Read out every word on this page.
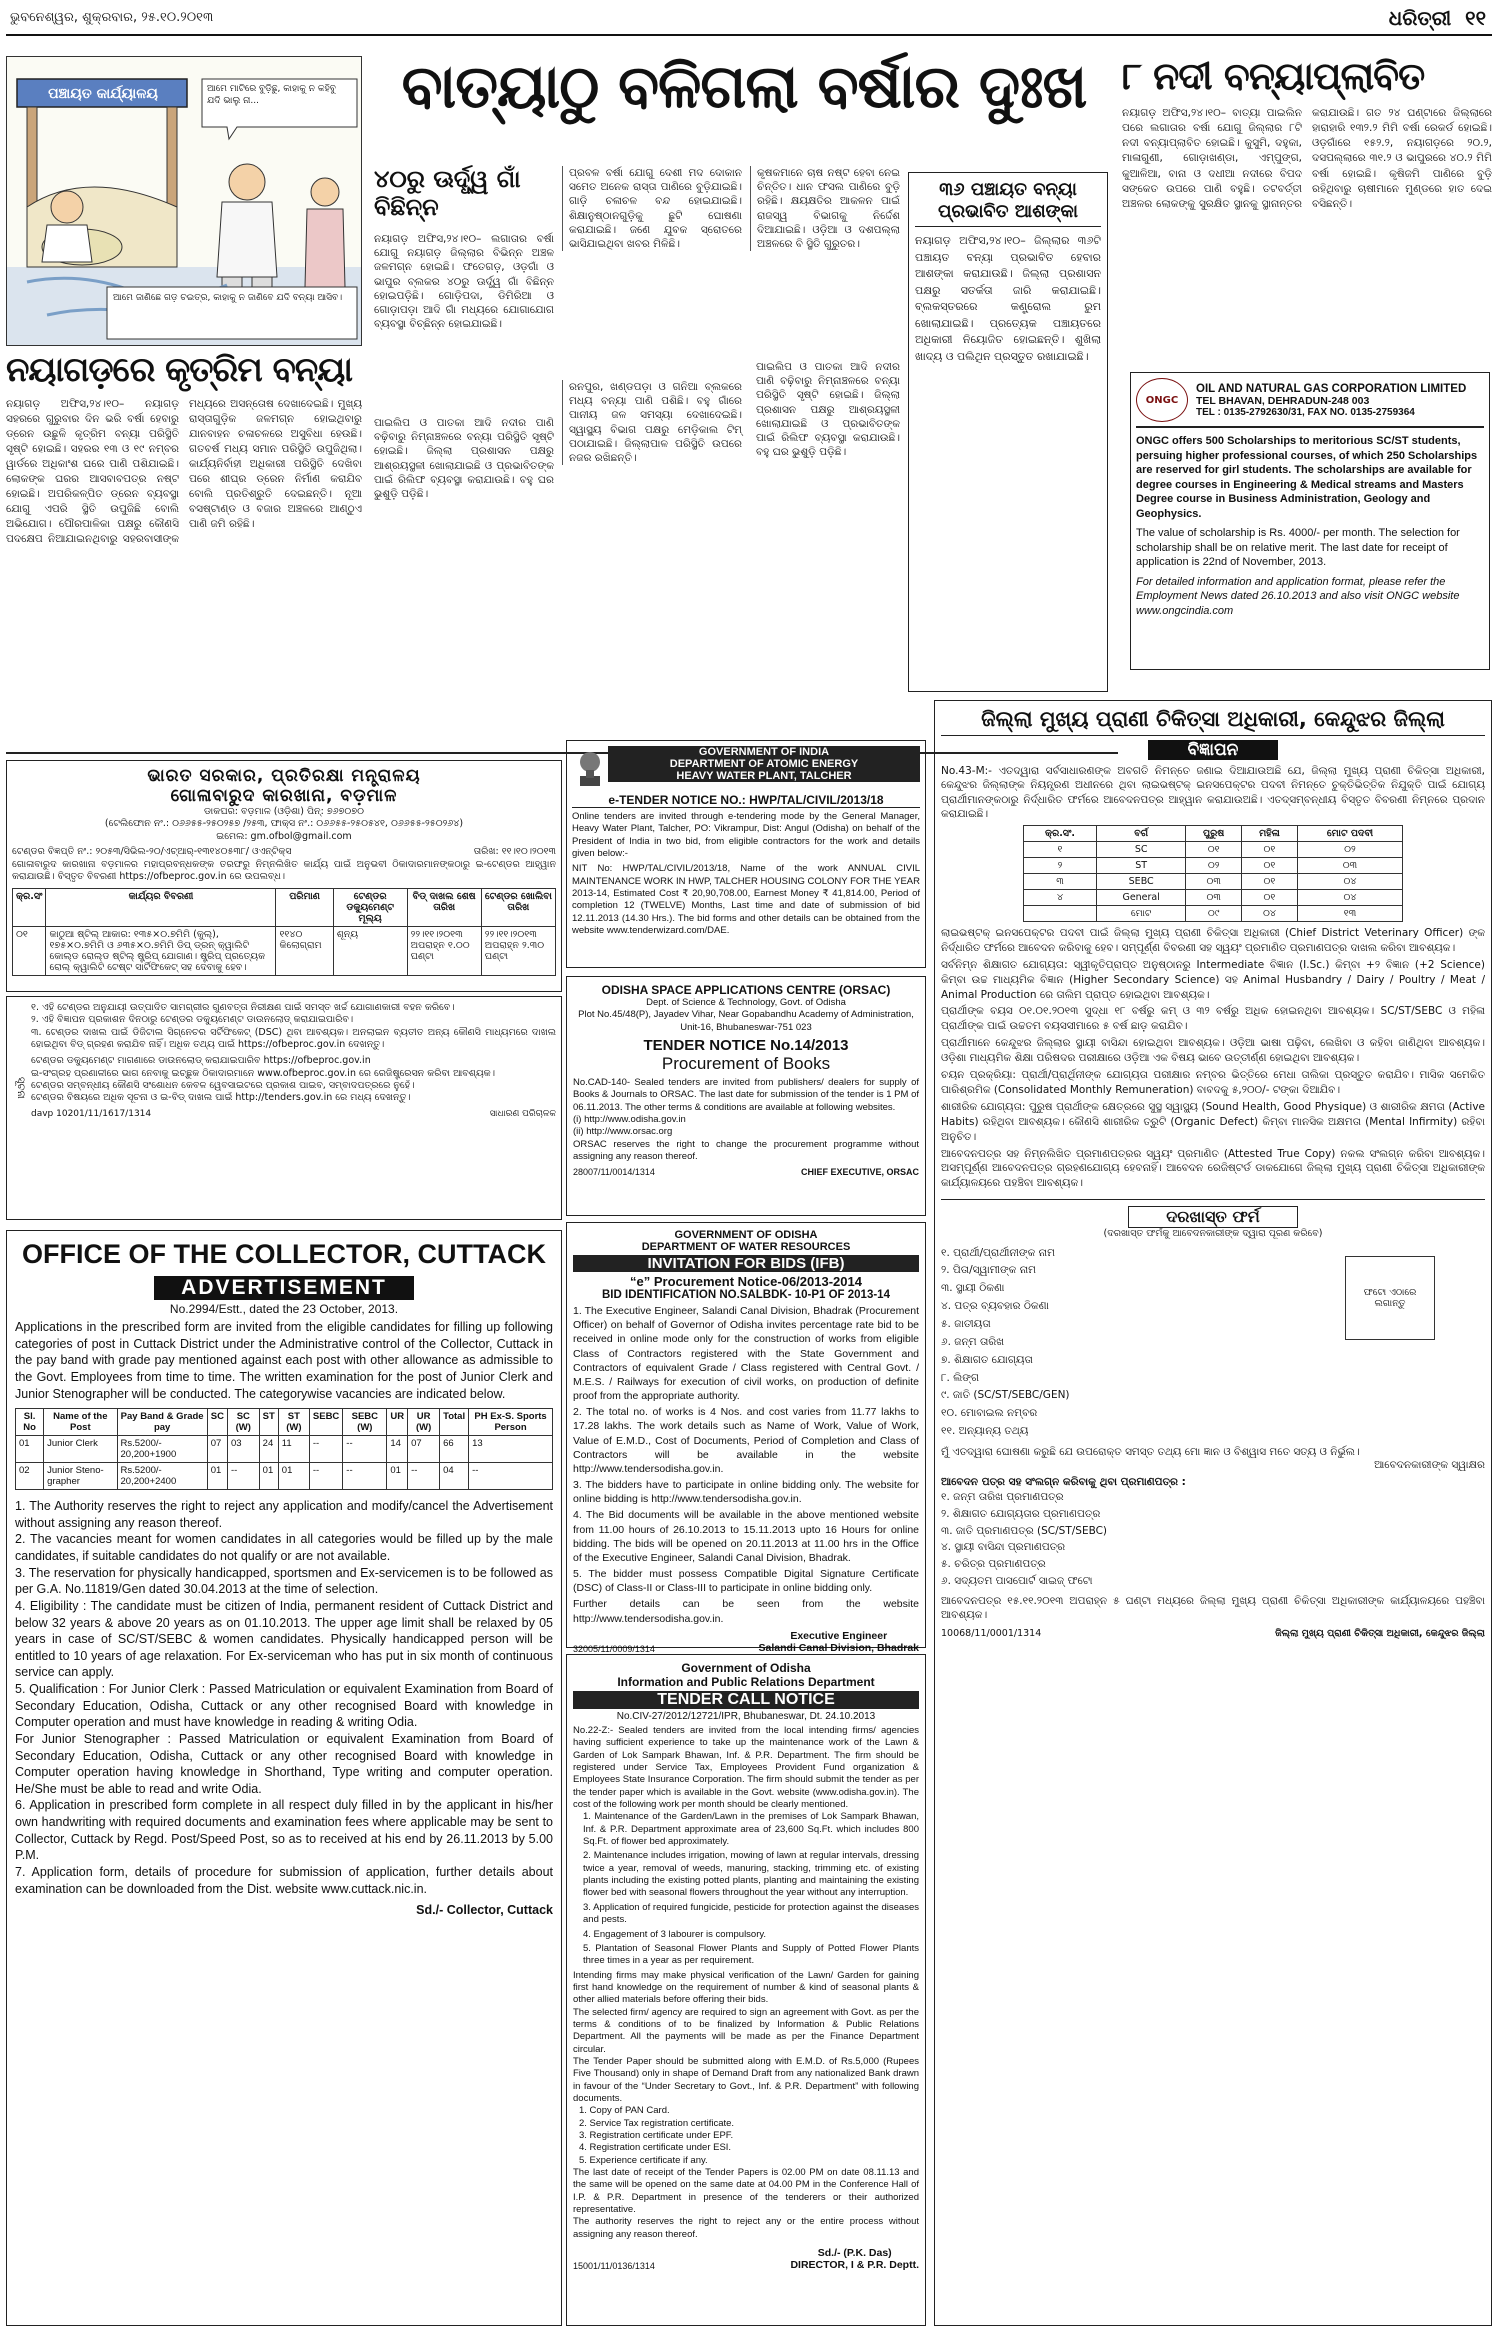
ଭୁବନେଶ୍ୱର, ଶୁକ୍ରବାର, ୨୫.୧୦.୨୦୧୩	ଧରିତ୍ରୀ ୧୧
ପଞ୍ଚାୟତ କାର୍ଯ୍ୟାଳୟ	ଆମେ ମାଟିରେ ବୁଡ଼ିଛୁ, କାହାକୁ ନ କହିବୁ ଯଦି ଭାଲୁ ନା...
ଆମେ ଜାଣିଛେ ଗଡ଼ ଚଇତ୍ର, କାହାକୁ ନ ଜାଣିବେ ଯଦି ବନ୍ୟା ଆସିବ।
ନୟାଗଡ଼ରେ କୃତ୍ରିମ ବନ୍ୟା
ନୟାଗଡ଼ ଅଫିସ,୨୪।୧୦– ନୟାଗଡ଼ ସହରରେ ଗୁରୁବାର ଦିନ ଭରି ବର୍ଷା ହେବାରୁ ଡ୍ରେନ ଉଛୁଳି କୃତ୍ରିମ ବନ୍ୟା ପରିସ୍ଥିତି ସୃଷ୍ଟି ହୋଇଛି। ସହରର ୧୩ ଓ ୧୯ ନମ୍ବର ୱାର୍ଡରେ ଅଧିକାଂଶ ଘରେ ପାଣି ପଶିଯାଇଛି। ଲୋକଙ୍କ ଘରର ଆସବାବପତ୍ର ନଷ୍ଟ ହୋଇଛି। ଅପରିକଳ୍ପିତ ଡ୍ରେନ ବ୍ୟବସ୍ଥା ଯୋଗୁ ଏପରି ସ୍ଥିତି ଉପୁଜିଛି ବୋଲି ଅଭିଯୋଗ। ପୌରପାଳିକା ପକ୍ଷରୁ କୌଣସି ପଦକ୍ଷେପ ନିଆଯାଇନଥିବାରୁ ସହରବାସୀଙ୍କ ମଧ୍ୟରେ ଅସନ୍ତୋଷ ଦେଖାଦେଇଛି। ମୁଖ୍ୟ ରାସ୍ତାଗୁଡ଼ିକ ଜଳମଗ୍ନ ହୋଇଥିବାରୁ ଯାନବାହନ ଚଳାଚଳରେ ଅସୁବିଧା ହେଉଛି। ଗତବର୍ଷ ମଧ୍ୟ ସମାନ ପରିସ୍ଥିତି ଉପୁଜିଥିଲା। କାର୍ଯ୍ୟନିର୍ବାହୀ ଅଧିକାରୀ ପରିସ୍ଥିତି ଦେଖିବା ପରେ ଶୀଘ୍ର ଡ୍ରେନ ନିର୍ମାଣ କରାଯିବ ବୋଲି ପ୍ରତିଶ୍ରୁତି ଦେଇଛନ୍ତି। ନୂଆ ବସଷ୍ଟାଣ୍ଡ ଓ ବଜାର ଅଞ୍ଚଳରେ ଆଣ୍ଠୁଏ ପାଣି ଜମି ରହିଛି।
ବାତ୍ୟାଠୁ ବଳିଗଲା ବର୍ଷାର ଦୁଃଖ
୪୦ରୁ ଊର୍ଦ୍ଧ୍ୱ ଗାଁ ବିଛିନ୍ନ
ନୟାଗଡ଼ ଅଫିସ,୨୪।୧୦– ଲଗାତାର ବର୍ଷା ଯୋଗୁ ନୟାଗଡ଼ ଜିଲ୍ଲାର ବିଭିନ୍ନ ଅଞ୍ଚଳ ଜଳମଗ୍ନ ହୋଇଛି। ଫତେଗଡ଼, ଓଡ଼ଗାଁ ଓ ଭାପୁର ବ୍ଲକର ୪୦ରୁ ଊର୍ଦ୍ଧ୍ୱ ଗାଁ ବିଛିନ୍ନ ହୋଇପଡ଼ିଛି। ଗୋଡ଼ିପଦା, ଡିମିରିଆ ଓ ଗୋଡ଼ାପଡ଼ା ଆଦି ଗାଁ ମଧ୍ୟରେ ଯୋଗାଯୋଗ ବ୍ୟବସ୍ଥା ବିଚ୍ଛିନ୍ନ ହୋଇଯାଇଛି।
ପାଇଲିପ ଓ ପାତକା ଆଦି ନଦୀର ପାଣି ବଢ଼ିବାରୁ ନିମ୍ନାଞ୍ଚଳରେ ବନ୍ୟା ପରିସ୍ଥିତି ସୃଷ୍ଟି ହୋଇଛି। ଜିଲ୍ଲା ପ୍ରଶାସନ ପକ୍ଷରୁ ଆଶ୍ରୟସ୍ଥଳୀ ଖୋଲାଯାଇଛି ଓ ପ୍ରଭାବିତଙ୍କ ପାଇଁ ରିଲିଫ ବ୍ୟବସ୍ଥା କରାଯାଉଛି। ବହୁ ଘର ଭୁଶୁଡ଼ି ପଡ଼ିଛି।
ପ୍ରବଳ ବର୍ଷା ଯୋଗୁ ଦେଶୀ ମଦ ଦୋକାନ ସମେତ ଅନେକ ରାସ୍ତା ପାଣିରେ ବୁଡ଼ିଯାଇଛି। ଗାଡ଼ି ଚଳାଚଳ ବନ୍ଦ ହୋଇଯାଇଛି। ଶିକ୍ଷାନୁଷ୍ଠାନଗୁଡ଼ିକୁ ଛୁଟି ଘୋଷଣା କରାଯାଇଛି। ଜଣେ ଯୁବକ ସ୍ରୋତରେ ଭାସିଯାଇଥିବା ଖବର ମିଳିଛି।
ରନପୁର, ଖଣ୍ଡପଡ଼ା ଓ ଗନିଆ ବ୍ଲକରେ ମଧ୍ୟ ବନ୍ୟା ପାଣି ପଶିଛି। ବହୁ ଗାଁରେ ପାନୀୟ ଜଳ ସମସ୍ୟା ଦେଖାଦେଇଛି। ସ୍ୱାସ୍ଥ୍ୟ ବିଭାଗ ପକ୍ଷରୁ ମେଡ଼ିକାଲ ଟିମ୍ ପଠାଯାଇଛି। ଜିଲ୍ଲାପାଳ ପରିସ୍ଥିତି ଉପରେ ନଜର ରଖିଛନ୍ତି।
କୃଷକମାନେ ଚାଷ ନଷ୍ଟ ହେବା ନେଇ ଚିନ୍ତିତ। ଧାନ ଫସଲ ପାଣିରେ ବୁଡ଼ି ରହିଛି। କ୍ଷୟକ୍ଷତିର ଆକଳନ ପାଇଁ ରାଜସ୍ୱ ବିଭାଗକୁ ନିର୍ଦ୍ଦେଶ ଦିଆଯାଇଛି। ଓଡ଼ିଆ ଓ ଦଶପଲ୍ଲା ଅଞ୍ଚଳରେ ବି ସ୍ଥିତି ଗୁରୁତର।
ପାଇଲିପ ଓ ପାତକା ଆଦି ନଦୀର ପାଣି ବଢ଼ିବାରୁ ନିମ୍ନାଞ୍ଚଳରେ ବନ୍ୟା ପରିସ୍ଥିତି ସୃଷ୍ଟି ହୋଇଛି। ଜିଲ୍ଲା ପ୍ରଶାସନ ପକ୍ଷରୁ ଆଶ୍ରୟସ୍ଥଳୀ ଖୋଲାଯାଇଛି ଓ ପ୍ରଭାବିତଙ୍କ ପାଇଁ ରିଲିଫ ବ୍ୟବସ୍ଥା କରାଯାଉଛି। ବହୁ ଘର ଭୁଶୁଡ଼ି ପଡ଼ିଛି।
୩୬ ପଞ୍ଚାୟତ ବନ୍ୟା ପ୍ରଭାବିତ ଆଶଙ୍କା
ନୟାଗଡ଼ ଅଫିସ,୨୪।୧୦– ଜିଲ୍ଲାର ୩୬ଟି ପଞ୍ଚାୟତ ବନ୍ୟା ପ୍ରଭାବିତ ହେବାର ଆଶଙ୍କା କରାଯାଉଛି। ଜିଲ୍ଲା ପ୍ରଶାସନ ପକ୍ଷରୁ ସତର୍କତା ଜାରି କରାଯାଇଛି। ବ୍ଲକସ୍ତରରେ କଣ୍ଟ୍ରୋଲ ରୁମ ଖୋଲାଯାଇଛି। ପ୍ରତ୍ୟେକ ପଞ୍ଚାୟତରେ ଅଧିକାରୀ ନିୟୋଜିତ ହୋଇଛନ୍ତି। ଶୁଖିଲା ଖାଦ୍ୟ ଓ ପଲିଥିନ ପ୍ରସ୍ତୁତ ରଖାଯାଇଛି।
୮ ନଦୀ ବନ୍ୟାପ୍ଲାବିତ
ନୟାଗଡ଼ ଅଫିସ,୨୪।୧୦– ବାତ୍ୟା ପାଇଲିନ ପରେ ଲଗାତାର ବର୍ଷା ଯୋଗୁ ଜିଲ୍ଲାର ୮ଟି ନଦୀ ବନ୍ୟାପ୍ଲାବିତ ହୋଇଛି। କୁସୁମି, ଦହୁକା, ମାଳାଗୁଣୀ, ଗୋଡ଼ାଖଣ୍ଡା, ଏମ୍ପୁଙ୍ଗ, କୁଆଳିଆ, ବାନା ଓ ଦଧୀଆ ନଦୀରେ ବିପଦ ସଙ୍କେତ ଉପରେ ପାଣି ବହୁଛି। ତଟବର୍ତ୍ତୀ ଅଞ୍ଚଳର ଲୋକଙ୍କୁ ସୁରକ୍ଷିତ ସ୍ଥାନକୁ ସ୍ଥାନାନ୍ତର କରାଯାଉଛି। ଗତ ୨୪ ଘଣ୍ଟାରେ ଜିଲ୍ଲାରେ ହାରାହାରି ୧୩୨.୨ ମିମି ବର୍ଷା ରେକର୍ଡ ହୋଇଛି। ଓଡ଼ଗାଁରେ ୧୫୨.୨, ନୟାଗଡ଼ରେ ୨୦.୨, ଦସପଲ୍ଲାରେ ୩୧.୨ ଓ ଭାପୁରରେ ୪୦.୨ ମିମି ବର୍ଷା ହୋଇଛି। କୃଷିଜମି ପାଣିରେ ବୁଡ଼ି ରହିଥିବାରୁ ଚାଷୀମାନେ ମୁଣ୍ଡରେ ହାତ ଦେଇ ବସିଛନ୍ତି।
ONGC
OIL AND NATURAL GAS CORPORATION LIMITED
TEL BHAVAN, DEHRADUN-248 003
TEL : 0135-2792630/31, FAX NO. 0135-2759364
ONGC offers 500 Scholarships to meritorious SC/ST students, persuing higher professional courses, of which 250 Scholarships are reserved for girl students. The scholarships are available for degree courses in Engineering & Medical streams and Masters Degree course in Business Administration, Geology and Geophysics.
The value of scholarship is Rs. 4000/- per month. The selection for scholarship shall be on relative merit. The last date for receipt of application is 22nd of November, 2013.
For detailed information and application format, please refer the Employment News dated 26.10.2013 and also visit ONGC website www.ongcindia.com
ଭାରତ ସରକାର, ପ୍ରତିରକ୍ଷା ମନ୍ତ୍ରାଳୟ
ଗୋଳାବାରୁଦ କାରଖାନା, ବଡ଼ମାଳ
ଡାକଘର: ବଡ଼ମାଳ (ଓଡ଼ିଶା) ପିନ୍: ୭୬୭୦୭୦
(ଟେଲିଫୋନ ନଂ.: ୦୬୬୫୫-୨୫୦୨୫୭ /୨୫୩, ଫାକ୍ସ ନଂ.: ୦୬୬୫୫-୨୫୦୫୪୧, ୦୬୬୫୫-୨୫୦୨୬୪)
ଇମେଲ: gm.ofbol@gmail.com
ଟେଣ୍ଡର ବିଜ୍ଞପ୍ତି ନଂ.: ୨୦୫୩/ସିଭିଲ-୨୦/ଏଚ୍ଆର୍-୧୩୧୪୦୫୩୮/ ଓଏନ୍ଟିକ୍ସ	ତାରିଖ: ୧୧।୧୦।୨୦୧୩
ଗୋଳାବାରୁଦ କାରଖାନା ବଡ଼ମାଳର ମହାପ୍ରବନ୍ଧକଙ୍କ ତରଫରୁ ନିମ୍ନଲିଖିତ କାର୍ଯ୍ୟ ପାଇଁ ଅନୁଭବୀ ଠିକାଦାରମାନଙ୍କଠାରୁ ଇ-ଟେଣ୍ଡର ଆହ୍ୱାନ କରାଯାଉଛି। ବିସ୍ତୃତ ବିବରଣୀ https://ofbeproc.gov.in ରେ ଉପଲବ୍ଧ।
କ୍ର.ସଂ	କାର୍ଯ୍ୟର ବିବରଣୀ	ପରିମାଣ	ଟେଣ୍ଡର ଡକ୍ୟୁମେଣ୍ଟ ମୂଲ୍ୟ	ବିଡ୍ ଦାଖଲ ଶେଷ ତାରିଖ	ଟେଣ୍ଡର ଖୋଲିବା ତାରିଖ
୦୧	କାଠୁଆ ଷ୍ଟିଲ୍ ଆକାର: ୧୩୫×୦.୭ମିମି (କୁଲ୍), ୧୭୫×୦.୭ମିମି ଓ ୬୩୫×୦.୭ମିମି ଡିପ୍ ଡ୍ରନ୍ କ୍ୱାଲିଟି କୋଲ୍ଡ ରୋଲ୍ଡ ଷ୍ଟିଲ୍ ଷ୍ଟ୍ରିପ୍ ଯୋଗାଣ। ଷ୍ଟ୍ରିପ୍ ପ୍ରତ୍ୟେକ ରୋଲ୍ କ୍ୱାଲିଟି ଟେଷ୍ଟ ସାର୍ଟିଫିକେଟ୍ ସହ ଦେବାକୁ ହେବ।	୧୧୪୦ କିଲୋଗ୍ରାମ	ଶୂନ୍ୟ	୨୨।୧୧।୨୦୧୩ ଅପରାହ୍ନ ୧.୦୦ ଘଣ୍ଟା	୨୨।୧୧।୨୦୧୩ ଅପରାହ୍ନ ୨.୩୦ ଘଣ୍ଟା
ସୂଚନା
୧. ଏହି ଟେଣ୍ଡର ଅନୁଯାୟୀ ଉତ୍ପାଦିତ ସାମଗ୍ରୀର ଗୁଣବତ୍ତା ନିରୀକ୍ଷଣ ପାଇଁ ସମସ୍ତ ଖର୍ଚ୍ଚ ଯୋଗାଣକାରୀ ବହନ କରିବେ।
୨. ଏହି ବିଜ୍ଞାପନ ପ୍ରକାଶନ ଦିନଠାରୁ ଟେଣ୍ଡର ଡକ୍ୟୁମେଣ୍ଟ ଡାଉନଲୋଡ୍ କରାଯାଇପାରିବ।
୩. ଟେଣ୍ଡର ଦାଖଲ ପାଇଁ ଡିଜିଟାଲ ସିଗ୍ନେଚର ସର୍ଟିଫିକେଟ୍ (DSC) ଥିବା ଆବଶ୍ୟକ। ଅନଲାଇନ ବ୍ୟତୀତ ଅନ୍ୟ କୌଣସି ମାଧ୍ୟମରେ ଦାଖଲ ହୋଇଥିବା ବିଡ୍ ଗ୍ରହଣ କରାଯିବ ନାହିଁ। ଅଧିକ ତଥ୍ୟ ପାଇଁ https://ofbeproc.gov.in ଦେଖନ୍ତୁ।
ଟେଣ୍ଡର ଡକ୍ୟୁମେଣ୍ଟ ମାଗଣାରେ ଡାଉନଲୋଡ୍ କରାଯାଇପାରିବ https://ofbeproc.gov.in
ଇ-ସଂଗ୍ରହ ପ୍ରଣାଳୀରେ ଭାଗ ନେବାକୁ ଇଚ୍ଛୁକ ଠିକାଦାରମାନେ www.ofbeproc.gov.in ରେ ରେଜିଷ୍ଟ୍ରେସନ କରିବା ଆବଶ୍ୟକ।
ଟେଣ୍ଡର ସମ୍ବନ୍ଧୀୟ କୌଣସି ସଂଶୋଧନ କେବଳ ୱେବସାଇଟରେ ପ୍ରକାଶ ପାଇବ, ସମ୍ବାଦପତ୍ରରେ ନୁହେଁ।
ଟେଣ୍ଡର ବିଷୟରେ ଅଧିକ ସୂଚନା ଓ ଇ-ବିଡ୍ ଦାଖଲ ପାଇଁ http://tenders.gov.in ରେ ମଧ୍ୟ ଦେଖନ୍ତୁ।
davp 10201/11/1617/1314	ସାଧାରଣ ପରିଚାଳକ
OFFICE OF THE COLLECTOR, CUTTACK
ADVERTISEMENT
No.2994/Estt., dated the 23 October, 2013.
Applications in the prescribed form are invited from the eligible candidates for filling up following categories of post in Cuttack District under the Administrative control of the Collector, Cuttack in the pay band with grade pay mentioned against each post with other allowance as admissible to the Govt. Employees from time to time. The written examination for the post of Junior Clerk and Junior Stenographer will be conducted. The categorywise vacancies are indicated below.
Sl. No	Name of the Post	Pay Band & Grade pay	SC	SC (W)	ST	ST (W)	SEBC	SEBC (W)	UR	UR (W)	Total	PH Ex-S. Sports Person
01	Junior Clerk	Rs.5200/- 20,200+1900	07	03	24	11	--	--	14	07	66	13
02	Junior Steno-grapher	Rs.5200/- 20,200+2400	01	--	01	01	--	--	01	--	04	--

1. The Authority reserves the right to reject any application and modify/cancel the Advertisement without assigning any reason thereof.

2. The vacancies meant for women candidates in all categories would be filled up by the male candidates, if suitable candidates do not qualify or are not available.

3. The reservation for physically handicapped, sportsmen and Ex-servicemen is to be followed as per G.A. No.11819/Gen dated 30.04.2013 at the time of selection.

4. Eligibility : The candidate must be citizen of India, permanent resident of Cuttack District and below 32 years & above 20 years as on 01.10.2013. The upper age limit shall be relaxed by 05 years in case of SC/ST/SEBC & women candidates. Physically handicapped person will be entitled to 10 years of age relaxation. For Ex-serviceman who has put in six month of continuous service can apply.

5. Qualification : For Junior Clerk : Passed Matriculation or equivalent Examination from Board of Secondary Education, Odisha, Cuttack or any other recognised Board with knowledge in Computer operation and must have knowledge in reading & writing Odia.

For Junior Stenographer : Passed Matriculation or equivalent Examination from Board of Secondary Education, Odisha, Cuttack or any other recognised Board with knowledge in Computer operation having knowledge in Shorthand, Type writing and computer operation. He/She must be able to read and write Odia.

6. Application in prescribed form complete in all respect duly filled in by the applicant in his/her own handwriting with required documents and examination fees where applicable may be sent to Collector, Cuttack by Regd. Post/Speed Post, so as to received at his end by 26.11.2013 by 5.00 P.M.

7. Application form, details of procedure for submission of application, further details about examination can be downloaded from the Dist. website www.cuttack.nic.in.

Sd./- Collector, Cuttack
GOVERNMENT OF INDIA
DEPARTMENT OF ATOMIC ENERGY
HEAVY WATER PLANT, TALCHER
e-TENDER NOTICE NO.: HWP/TAL/CIVIL/2013/18
Online tenders are invited through e-tendering mode by the General Manager, Heavy Water Plant, Talcher, PO: Vikrampur, Dist: Angul (Odisha) on behalf of the President of India in two bid, from eligible contractors for the work and details given below:-
NIT No: HWP/TAL/CIVIL/2013/18, Name of the work ANNUAL CIVIL MAINTENANCE WORK IN HWP, TALCHER HOUSING COLONY FOR THE YEAR 2013-14, Estimated Cost ₹ 20,90,708.00, Earnest Money ₹ 41,814.00, Period of completion 12 (TWELVE) Months, Last time and date of submission of bid 12.11.2013 (14.30 Hrs.). The bid forms and other details can be obtained from the website www.tenderwizard.com/DAE.
ODISHA SPACE APPLICATIONS CENTRE (ORSAC)
Dept. of Science & Technology, Govt. of Odisha
Plot No.45/48(P), Jayadev Vihar, Near Gopabandhu Academy of Administration, Unit-16, Bhubaneswar-751 023
TENDER NOTICE No.14/2013
Procurement of Books
No.CAD-140- Sealed tenders are invited from publishers/ dealers for supply of Books & Journals to ORSAC. The last date for submission of the tender is 1 PM of 06.11.2013. The other terms & conditions are available at following websites.
(i) http://www.odisha.gov.in
(ii) http://www.orsac.org
ORSAC reserves the right to change the procurement programme without assigning any reason thereof.
28007/11/0014/1314	CHIEF EXECUTIVE, ORSAC
GOVERNMENT OF ODISHA
DEPARTMENT OF WATER RESOURCES
INVITATION FOR BIDS (IFB)
“e” Procurement Notice-06/2013-2014
BID IDENTIFICATION NO.SALBDK- 10-P1 OF 2013-14

1. The Executive Engineer, Salandi Canal Division, Bhadrak (Procurement Officer) on behalf of Governor of Odisha invites percentage rate bid to be received in online mode only for the construction of works from eligible Class of Contractors registered with the State Government and Contractors of equivalent Grade / Class registered with Central Govt. / M.E.S. / Railways for execution of civil works, on production of definite proof from the appropriate authority.

2. The total no. of works is 4 Nos. and cost varies from 11.77 lakhs to 17.28 lakhs. The work details such as Name of Work, Value of Work, Value of E.M.D., Cost of Documents, Period of Completion and Class of Contractors will be available in the website http://www.tendersodisha.gov.in.

3. The bidders have to participate in online bidding only. The website for online bidding is http://www.tendersodisha.gov.in.

4. The Bid documents will be available in the above mentioned website from 11.00 hours of 26.10.2013 to 15.11.2013 upto 16 Hours for online bidding. The bids will be opened on 20.11.2013 at 11.00 hrs in the Office of the Executive Engineer, Salandi Canal Division, Bhadrak.

5. The bidder must possess Compatible Digital Signature Certificate (DSC) of Class-II or Class-III to participate in online bidding only.

Further details can be seen from the website http://www.tendersodisha.gov.in.

32005/11/0009/1314
Executive Engineer
Salandi Canal Division, Bhadrak
Government of Odisha
Information and Public Relations Department
TENDER CALL NOTICE
No.CIV-27/2012/12721/IPR, Bhubaneswar, Dt. 24.10.2013
No.22-Z:- Sealed tenders are invited from the local intending firms/ agencies having sufficient experience to take up the maintenance work of the Lawn & Garden of Lok Sampark Bhawan, Inf. & P.R. Department. The firm should be registered under Service Tax, Employees Provident Fund organization & Employees State Insurance Corporation. The firm should submit the tender as per the tender paper which is available in the Govt. website (www.odisha.gov.in). The cost of the following work per month should be clearly mentioned.

1. Maintenance of the Garden/Lawn in the premises of Lok Sampark Bhawan, Inf. & P.R. Department approximate area of 23,600 Sq.Ft. which includes 800 Sq.Ft. of flower bed approximately.

2. Maintenance includes irrigation, mowing of lawn at regular intervals, dressing twice a year, removal of weeds, manuring, stacking, trimming etc. of existing plants including the existing potted plants, planting and maintaining the existing flower bed with seasonal flowers throughout the year without any interruption.

3. Application of required fungicide, pesticide for protection against the diseases and pests.

4. Engagement of 3 labourer is compulsory.

5. Plantation of Seasonal Flower Plants and Supply of Potted Flower Plants three times in a year as per requirement.

Intending firms may make physical verification of the Lawn/ Garden for gaining first hand knowledge on the requirement of number & kind of seasonal plants & other allied materials before offering their bids.
The selected firm/ agency are required to sign an agreement with Govt. as per the terms & conditions of to be finalized by Information & Public Relations Department. All the payments will be made as per the Finance Department circular.
The Tender Paper should be submitted along with E.M.D. of Rs.5,000 (Rupees Five Thousand) only in shape of Demand Draft from any nationalized Bank drawn in favour of the “Under Secretary to Govt., Inf. & P.R. Department” with following documents.
1. Copy of PAN Card.
2. Service Tax registration certificate.
3. Registration certificate under EPF.
4. Registration certificate under ESI.
5. Experience certificate if any.
The last date of receipt of the Tender Papers is 02.00 PM on date 08.11.13 and the same will be opened on the same date at 04.00 PM in the Conference Hall of I.P. & P.R. Department in presence of the tenderers or their authorized representative.
The authority reserves the right to reject any or the entire process without assigning any reason thereof.
15001/11/0136/1314
Sd./- (P.K. Das)
DIRECTOR, I & P.R. Deptt.
ଜିଲ୍ଲା ମୁଖ୍ୟ ପ୍ରାଣୀ ଚିକିତ୍ସା ଅଧିକାରୀ, କେନ୍ଦୁଝର ଜିଲ୍ଲା
ବିଜ୍ଞାପନ
No.43-M:- ଏତଦ୍ୱାରା ସର୍ବସାଧାରଣଙ୍କ ଅବଗତି ନିମନ୍ତେ ଜଣାଇ ଦିଆଯାଉଅଛି ଯେ, ଜିଲ୍ଲା ମୁଖ୍ୟ ପ୍ରାଣୀ ଚିକିତ୍ସା ଅଧିକାରୀ, କେନ୍ଦୁଝର ଜିଲ୍ଲାଙ୍କ ନିୟନ୍ତ୍ରଣ ଅଧୀନରେ ଥିବା ଲାଇଭଷ୍ଟକ୍ ଇନସପେକ୍ଟର ପଦବୀ ନିମନ୍ତେ ଚୁକ୍ତିଭିତ୍ତିକ ନିଯୁକ୍ତି ପାଇଁ ଯୋଗ୍ୟ ପ୍ରାର୍ଥୀମାନଙ୍କଠାରୁ ନିର୍ଦ୍ଧାରିତ ଫର୍ମରେ ଆବେଦନପତ୍ର ଆହ୍ୱାନ କରାଯାଉଅଛି। ଏତଦ୍ସମ୍ବନ୍ଧୀୟ ବିସ୍ତୃତ ବିବରଣୀ ନିମ୍ନରେ ପ୍ରଦାନ କରାଯାଇଛି।
କ୍ର.ସଂ.	ବର୍ଗ	ପୁରୁଷ	ମହିଳା	ମୋଟ ପଦବୀ
୧	SC	୦୧	୦୧	୦୨
୨	ST	୦୨	୦୧	୦୩
୩	SEBC	୦୩	୦୧	୦୪
୪	General	୦୩	୦୧	୦୪
	ମୋଟ	୦୯	୦୪	୧୩

ଲାଇଭଷ୍ଟକ୍ ଇନସପେକ୍ଟର ପଦବୀ ପାଇଁ ଜିଲ୍ଲା ମୁଖ୍ୟ ପ୍ରାଣୀ ଚିକିତ୍ସା ଅଧିକାରୀ (Chief District Veterinary Officer) ଙ୍କ ନିର୍ଦ୍ଧାରିତ ଫର୍ମରେ ଆବେଦନ କରିବାକୁ ହେବ। ସମ୍ପୂର୍ଣ୍ଣ ବିବରଣୀ ସହ ସ୍ୱୟଂ ପ୍ରମାଣିତ ପ୍ରମାଣପତ୍ର ଦାଖଲ କରିବା ଆବଶ୍ୟକ।

ସର୍ବନିମ୍ନ ଶିକ୍ଷାଗତ ଯୋଗ୍ୟତା: ସ୍ୱୀକୃତିପ୍ରାପ୍ତ ଅନୁଷ୍ଠାନରୁ Intermediate ବିଜ୍ଞାନ (I.Sc.) କିମ୍ବା +୨ ବିଜ୍ଞାନ (+2 Science) କିମ୍ବା ଉଚ୍ଚ ମାଧ୍ୟମିକ ବିଜ୍ଞାନ (Higher Secondary Science) ସହ Animal Husbandry / Dairy / Poultry / Meat / Animal Production ରେ ତାଲିମ ପ୍ରାପ୍ତ ହୋଇଥିବା ଆବଶ୍ୟକ।

ପ୍ରାର୍ଥୀଙ୍କ ବୟସ ୦୧.୦୧.୨୦୧୩ ସୁଦ୍ଧା ୧୮ ବର୍ଷରୁ କମ୍ ଓ ୩୨ ବର୍ଷରୁ ଅଧିକ ହୋଇନଥିବା ଆବଶ୍ୟକ। SC/ST/SEBC ଓ ମହିଳା ପ୍ରାର୍ଥୀଙ୍କ ପାଇଁ ଉଚ୍ଚତମ ବୟସସୀମାରେ ୫ ବର୍ଷ ଛାଡ଼ କରାଯିବ।

ପ୍ରାର୍ଥୀମାନେ କେନ୍ଦୁଝର ଜିଲ୍ଲାର ସ୍ଥାୟୀ ବାସିନ୍ଦା ହୋଇଥିବା ଆବଶ୍ୟକ। ଓଡ଼ିଆ ଭାଷା ପଢ଼ିବା, ଲେଖିବା ଓ କହିବା ଜାଣିଥିବା ଆବଶ୍ୟକ। ଓଡ଼ିଶା ମାଧ୍ୟମିକ ଶିକ୍ଷା ପରିଷଦର ପରୀକ୍ଷାରେ ଓଡ଼ିଆ ଏକ ବିଷୟ ଭାବେ ଉତ୍ତୀର୍ଣ୍ଣ ହୋଇଥିବା ଆବଶ୍ୟକ।

ଚୟନ ପ୍ରକ୍ରିୟା: ପ୍ରାର୍ଥୀ/ପ୍ରାର୍ଥିନୀଙ୍କ ଯୋଗ୍ୟତା ପରୀକ୍ଷାର ନମ୍ବର ଭିତ୍ତିରେ ମେଧା ତାଲିକା ପ୍ରସ୍ତୁତ କରାଯିବ। ମାସିକ ସମେକିତ ପାରିଶ୍ରମିକ (Consolidated Monthly Remuneration) ବାବଦକୁ ୫,୨୦୦/- ଟଙ୍କା ଦିଆଯିବ।

ଶାରୀରିକ ଯୋଗ୍ୟତା: ପୁରୁଷ ପ୍ରାର୍ଥୀଙ୍କ କ୍ଷେତ୍ରରେ ସୁସ୍ଥ ସ୍ୱାସ୍ଥ୍ୟ (Sound Health, Good Physique) ଓ ଶାରୀରିକ କ୍ଷମତା (Active Habits) ରହିଥିବା ଆବଶ୍ୟକ। କୌଣସି ଶାରୀରିକ ତ୍ରୁଟି (Organic Defect) କିମ୍ବା ମାନସିକ ଅକ୍ଷମତା (Mental Infirmity) ରହିବା ଅନୁଚିତ।

ଆବେଦନପତ୍ର ସହ ନିମ୍ନଲିଖିତ ପ୍ରମାଣପତ୍ରର ସ୍ୱୟଂ ପ୍ରମାଣିତ (Attested True Copy) ନକଲ ସଂଲଗ୍ନ କରିବା ଆବଶ୍ୟକ। ଅସମ୍ପୂର୍ଣ୍ଣ ଆବେଦନପତ୍ର ଗ୍ରହଣଯୋଗ୍ୟ ହେବନାହିଁ। ଆବେଦନ ରେଜିଷ୍ଟର୍ଡ ଡାକଯୋଗେ ଜିଲ୍ଲା ମୁଖ୍ୟ ପ୍ରାଣୀ ଚିକିତ୍ସା ଅଧିକାରୀଙ୍କ କାର୍ଯ୍ୟାଳୟରେ ପହଞ୍ଚିବା ଆବଶ୍ୟକ।

ଦରଖାସ୍ତ ଫର୍ମ
(ଦରଖାସ୍ତ ଫର୍ମକୁ ଆବେଦନକାରୀଙ୍କ ଦ୍ୱାରା ପୂରଣ କରିବେ)
ଫଟୋ ଏଠାରେ ଲଗାନ୍ତୁ
୧. ପ୍ରାର୍ଥୀ/ପ୍ରାର୍ଥୀନୀଙ୍କ ନାମ
୨. ପିତା/ସ୍ୱାମୀଙ୍କ ନାମ
୩. ସ୍ଥାୟୀ ଠିକଣା
୪. ପତ୍ର ବ୍ୟବହାର ଠିକଣା
୫. ଜାତୀୟତା
୬. ଜନ୍ମ ତାରିଖ
୭. ଶିକ୍ଷାଗତ ଯୋଗ୍ୟତା
୮. ଲିଙ୍ଗ
୯. ଜାତି (SC/ST/SEBC/GEN)
୧୦. ମୋବାଇଲ ନମ୍ବର
୧୧. ଅନ୍ୟାନ୍ୟ ତଥ୍ୟ
ମୁଁ ଏତଦ୍ୱାରା ଘୋଷଣା କରୁଛି ଯେ ଉପରୋକ୍ତ ସମସ୍ତ ତଥ୍ୟ ମୋ ଜ୍ଞାନ ଓ ବିଶ୍ୱାସ ମତେ ସତ୍ୟ ଓ ନିର୍ଭୁଲ।
ଆବେଦନକାରୀଙ୍କ ସ୍ୱାକ୍ଷର
ଆବେଦନ ପତ୍ର ସହ ସଂଲଗ୍ନ କରିବାକୁ ଥିବା ପ୍ରମାଣପତ୍ର :
୧. ଜନ୍ମ ତାରିଖ ପ୍ରମାଣପତ୍ର
୨. ଶିକ୍ଷାଗତ ଯୋଗ୍ୟତାର ପ୍ରମାଣପତ୍ର
୩. ଜାତି ପ୍ରମାଣପତ୍ର (SC/ST/SEBC)
୪. ସ୍ଥାୟୀ ବାସିନ୍ଦା ପ୍ରମାଣପତ୍ର
୫. ଚରିତ୍ର ପ୍ରମାଣପତ୍ର
୬. ସଦ୍ୟତମ ପାସପୋର୍ଟ ସାଇଜ୍ ଫଟୋ
ଆବେଦନପତ୍ର ୧୫.୧୧.୨୦୧୩ ଅପରାହ୍ନ ୫ ଘଣ୍ଟା ମଧ୍ୟରେ ଜିଲ୍ଲା ମୁଖ୍ୟ ପ୍ରାଣୀ ଚିକିତ୍ସା ଅଧିକାରୀଙ୍କ କାର୍ଯ୍ୟାଳୟରେ ପହଞ୍ଚିବା ଆବଶ୍ୟକ।
10068/11/0001/1314	ଜିଲ୍ଲା ମୁଖ୍ୟ ପ୍ରାଣୀ ଚିକିତ୍ସା ଅଧିକାରୀ, କେନ୍ଦୁଝର ଜିଲ୍ଲା
